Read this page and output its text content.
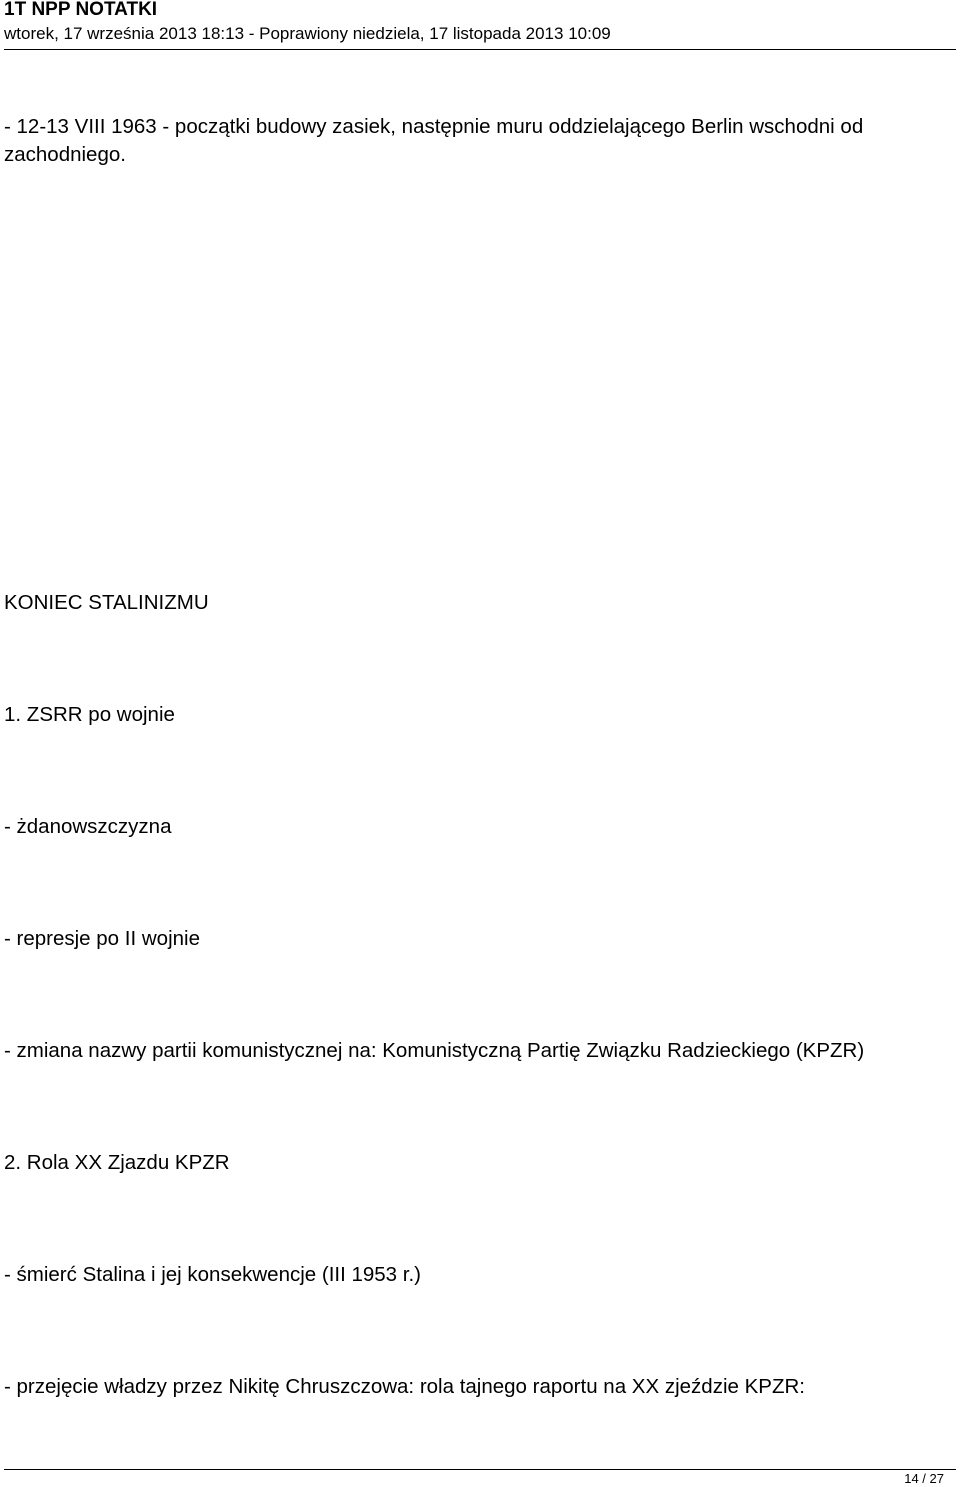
1T NPP NOTATKI

wtorek, 17 września 2013 18:13 - Poprawiony niedziela, 17 listopada 2013 10:09

- 12-13 VIII 1963 - początki budowy zasiek, następnie muru oddzielającego Berlin wschodni od zachodniego.

KONIEC STALINIZMU

1. ZSRR po wojnie

- żdanowszczyzna

- represje po II wojnie

- zmiana nazwy partii komunistycznej na: Komunistyczną Partię Związku Radzieckiego (KPZR)

2. Rola XX Zjazdu KPZR

- śmierć Stalina i jej konsekwencje (III 1953 r.)

- przejęcie władzy przez Nikitę Chruszczowa: rola tajnego raportu na XX zjeździe KPZR:

14 / 27
